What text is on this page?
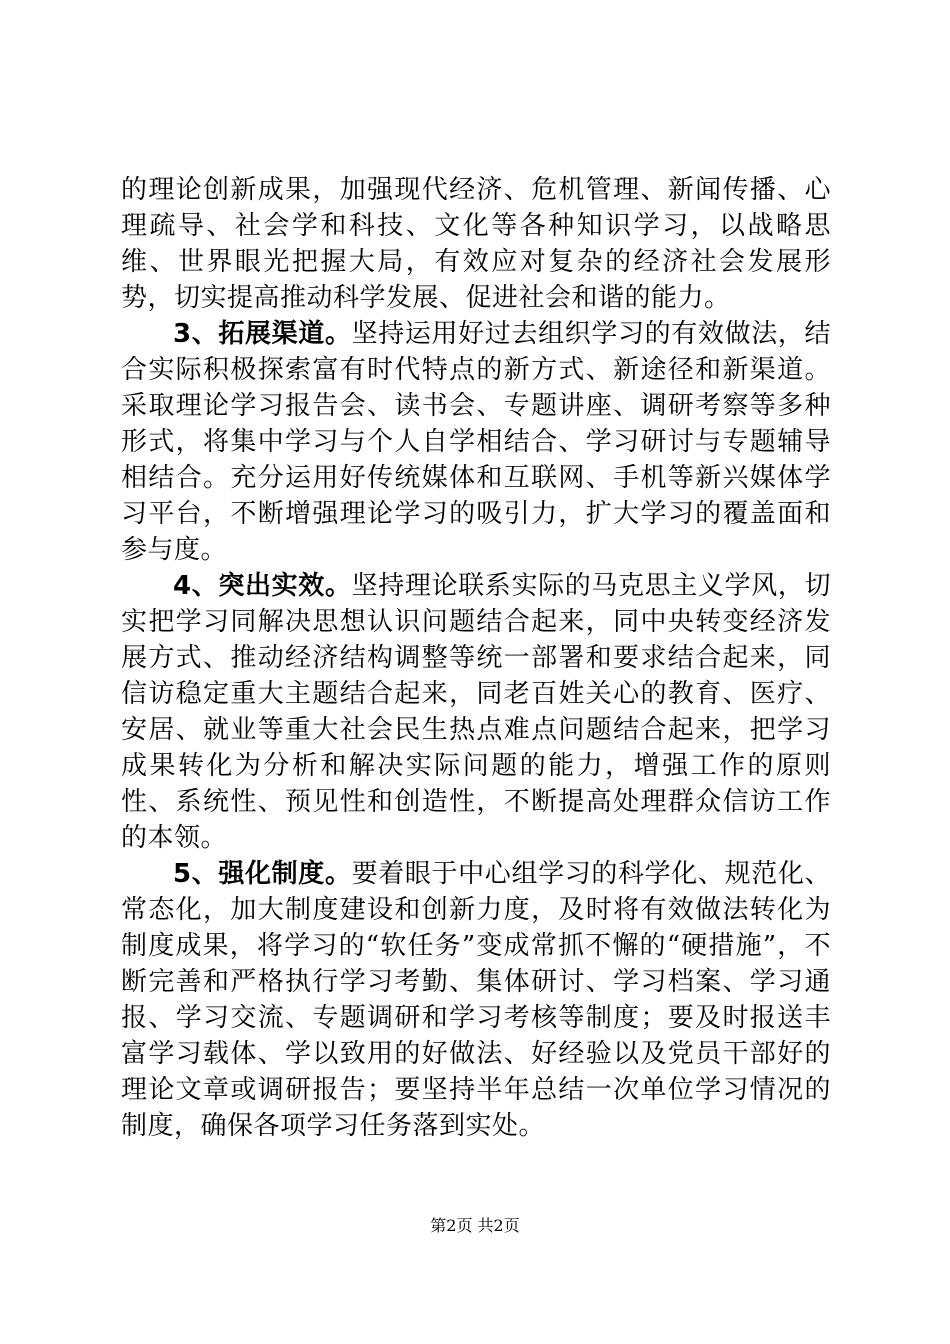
的理论创新成果，加强现代经济、危机管理、新闻传播、心理疏导、社会学和科技、文化等各种知识学习，以战略思维、世界眼光把握大局，有效应对复杂的经济社会发展形势，切实提高推动科学发展、促进社会和谐的能力。

3、拓展渠道。坚持运用好过去组织学习的有效做法，结合实际积极探索富有时代特点的新方式、新途径和新渠道。采取理论学习报告会、读书会、专题讲座、调研考察等多种形式，将集中学习与个人自学相结合、学习研讨与专题辅导相结合。充分运用好传统媒体和互联网、手机等新兴媒体学习平台，不断增强理论学习的吸引力，扩大学习的覆盖面和参与度。

4、突出实效。坚持理论联系实际的马克思主义学风，切实把学习同解决思想认识问题结合起来，同中央转变经济发展方式、推动经济结构调整等统一部署和要求结合起来，同信访稳定重大主题结合起来，同老百姓关心的教育、医疗、安居、就业等重大社会民生热点难点问题结合起来，把学习成果转化为分析和解决实际问题的能力，增强工作的原则性、系统性、预见性和创造性，不断提高处理群众信访工作的本领。

5、强化制度。要着眼于中心组学习的科学化、规范化、常态化，加大制度建设和创新力度，及时将有效做法转化为制度成果，将学习的“软任务”变成常抓不懈的“硬措施”，不断完善和严格执行学习考勤、集体研讨、学习档案、学习通报、学习交流、专题调研和学习考核等制度；要及时报送丰富学习载体、学以致用的好做法、好经验以及党员干部好的理论文章或调研报告；要坚持半年总结一次单位学习情况的制度，确保各项学习任务落到实处。

第2页 共2页
